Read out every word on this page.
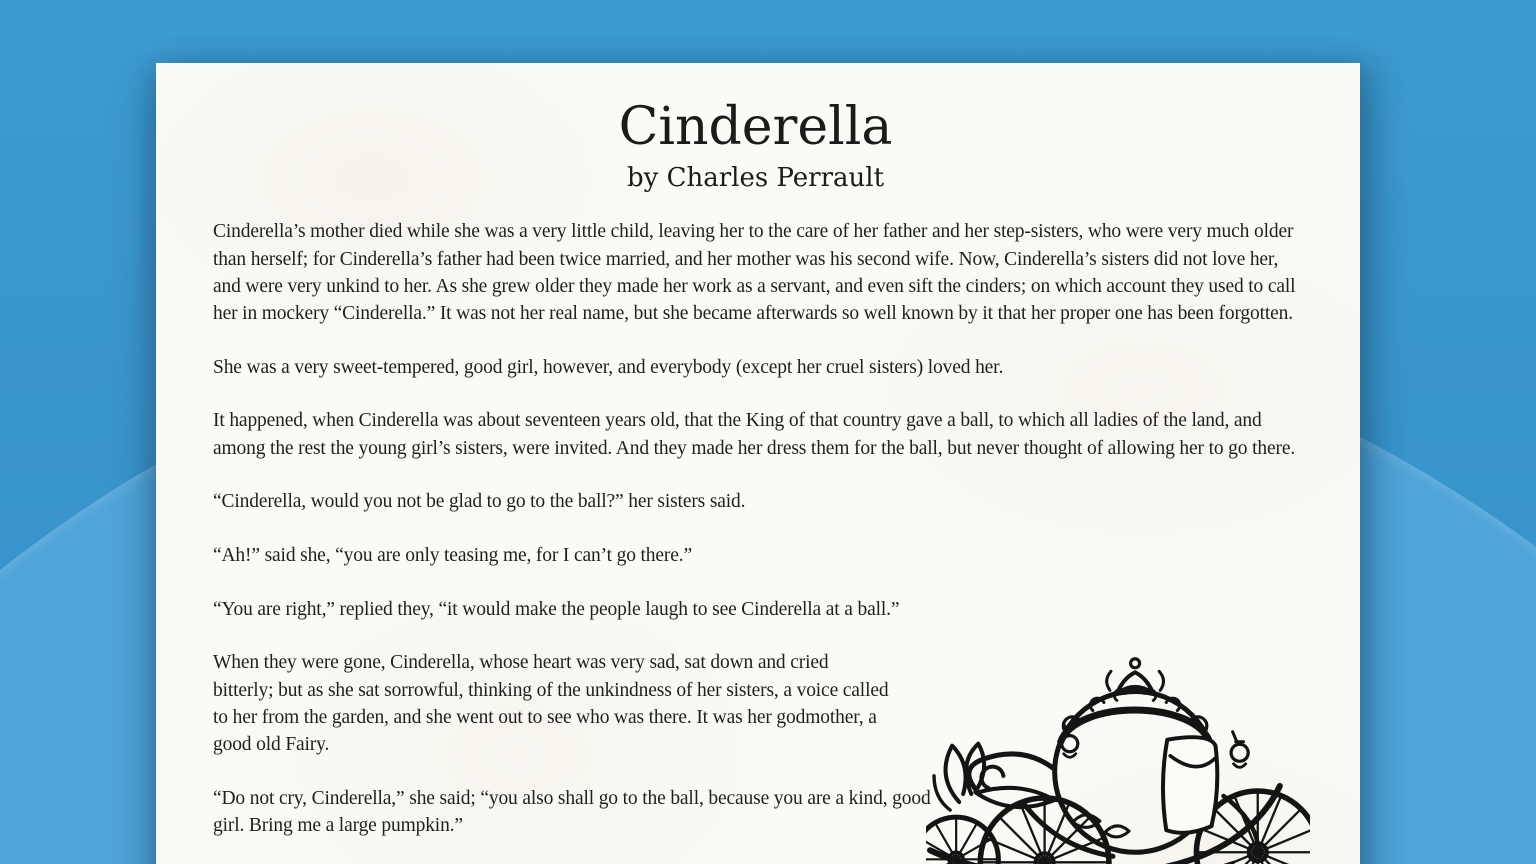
Cinderella
by Charles Perrault

Cinderella’s mother died while she was a very little child, leaving her to the care of her father and her step-sisters, who were very much older than herself; for Cinderella’s father had been twice married, and her mother was his second wife. Now, Cinderella’s sisters did not love her, and were very unkind to her. As she grew older they made her work as a servant, and even sift the cinders; on which account they used to call her in mockery “Cinderella.” It was not her real name, but she became afterwards so well known by it that her proper one has been forgotten.

She was a very sweet-tempered, good girl, however, and everybody (except her cruel sisters) loved her.

It happened, when Cinderella was about seventeen years old, that the King of that country gave a ball, to which all ladies of the land, and among the rest the young girl’s sisters, were invited. And they made her dress them for the ball, but never thought of allowing her to go there.

“Cinderella, would you not be glad to go to the ball?” her sisters said.

“Ah!” said she, “you are only teasing me, for I can’t go there.”

“You are right,” replied they, “it would make the people laugh to see Cinderella at a ball.”

When they were gone, Cinderella, whose heart was very sad, sat down and cried bitterly; but as she sat sorrowful, thinking of the unkindness of her sisters, a voice called to her from the garden, and she went out to see who was there. It was her godmother, a good old Fairy.

“Do not cry, Cinderella,” she said; “you also shall go to the ball, because you are a kind, good girl. Bring me a large pumpkin.”
